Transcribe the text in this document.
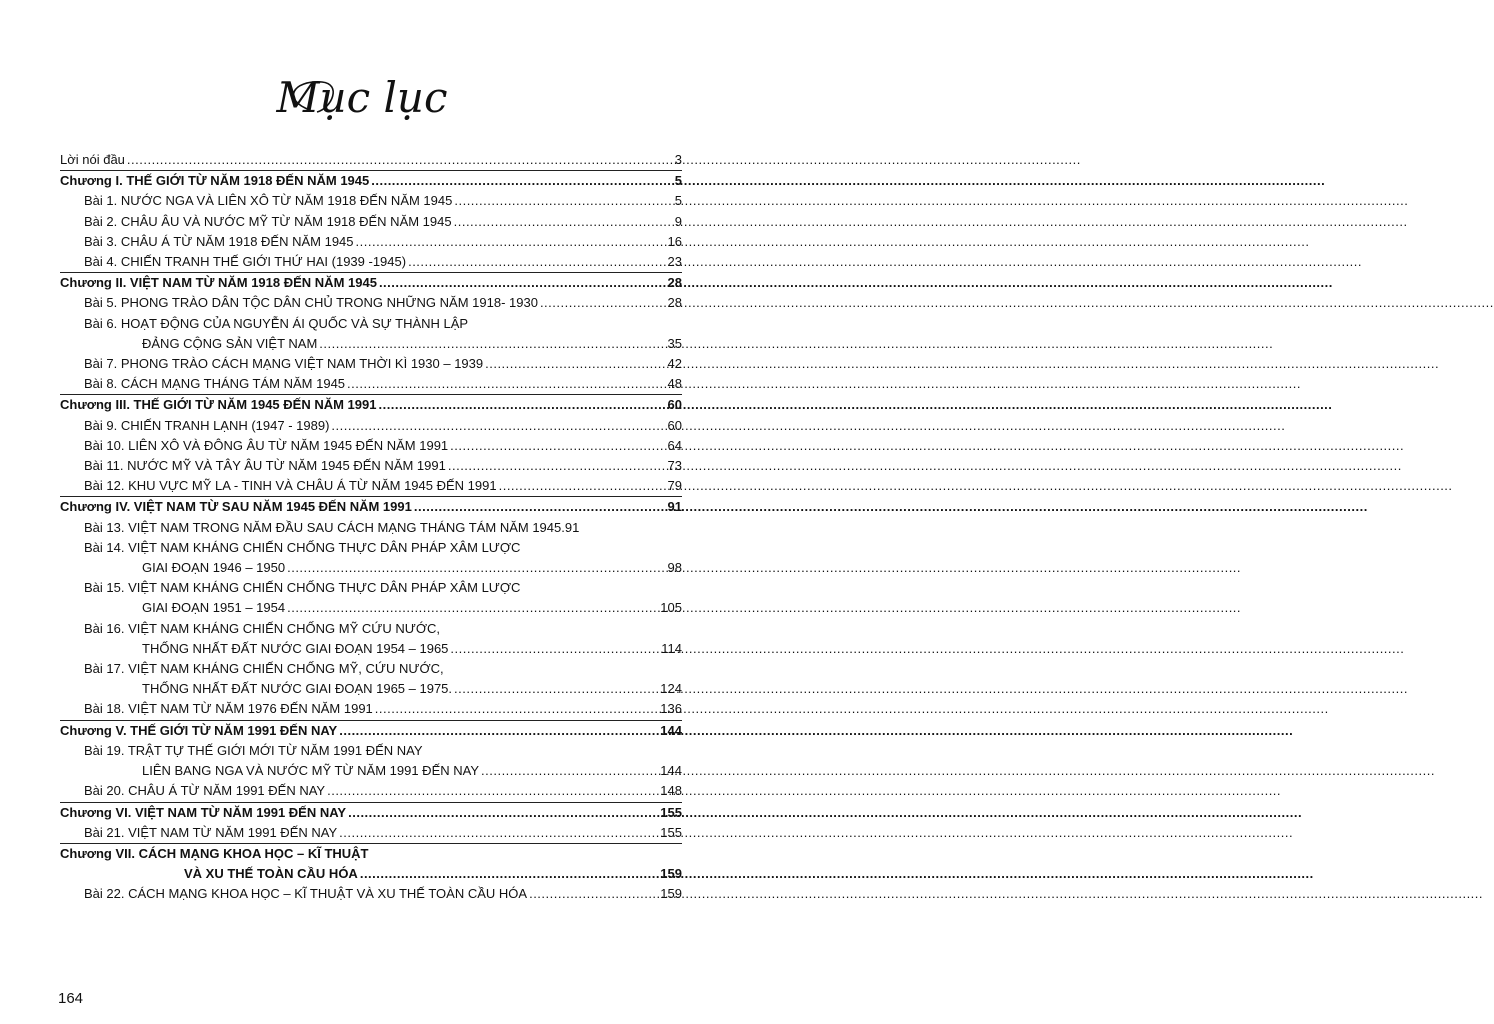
Mục lục
Lời nói đầu .....	3
Chương I. THẾ GIỚI TỪ NĂM 1918 ĐẾN NĂM 1945 .....	5
Bài 1. NƯỚC NGA VÀ LIÊN XÔ TỪ NĂM 1918 ĐẾN NĂM 1945 .....	5
Bài 2. CHÂU ÂU VÀ NƯỚC MỸ TỪ NĂM 1918 ĐẾN NĂM 1945 .....	9
Bài 3. CHÂU Á TỪ NĂM 1918 ĐẾN NĂM 1945 .....	16
Bài 4. CHIẾN TRANH THẾ GIỚI THỨ HAI (1939 -1945) .....	23
Chương II. VIỆT NAM TỪ NĂM 1918 ĐẾN NĂM 1945 .....	28
Bài 5. PHONG TRÀO DÂN TỘC DÂN CHỦ TRONG NHỮNG NĂM 1918- 1930 .....	28
Bài 6. HOẠT ĐỘNG CỦA NGUYỄN ÁI QUỐC VÀ SỰ THÀNH LẬP
ĐẢNG CỘNG SẢN VIỆT NAM .....	35
Bài 7. PHONG TRÀO CÁCH MẠNG VIỆT NAM THỜI KÌ 1930 – 1939 .....	42
Bài 8. CÁCH MẠNG THÁNG TÁM NĂM 1945 .....	48
Chương III. THẾ GIỚI TỪ NĂM 1945 ĐẾN NĂM 1991 .....	60
Bài 9. CHIẾN TRANH LẠNH (1947 - 1989) .....	60
Bài 10. LIÊN XÔ VÀ ĐÔNG ÂU TỪ NĂM 1945 ĐẾN NĂM 1991 .....	64
Bài 11. NƯỚC MỸ VÀ TÂY ÂU TỪ NĂM 1945 ĐẾN NĂM 1991 .....	73
Bài 12. KHU VỰC MỸ LA - TINH VÀ CHÂU Á TỪ NĂM 1945 ĐẾN 1991 .....	79
Chương IV. VIỆT NAM TỪ SAU NĂM 1945 ĐẾN NĂM 1991 .....	91
Bài 13. VIỆT NAM TRONG NĂM ĐẦU SAU CÁCH MẠNG THÁNG TÁM NĂM 1945.91
Bài 14. VIỆT NAM KHÁNG CHIẾN CHỐNG THỰC DÂN PHÁP XÂM LƯỢC
GIAI ĐOẠN 1946 – 1950 .....	98
Bài 15. VIỆT NAM KHÁNG CHIẾN CHỐNG THỰC DÂN PHÁP XÂM LƯỢC
GIAI ĐOẠN 1951 – 1954 .....	105
Bài 16. VIỆT NAM KHÁNG CHIẾN CHỐNG MỸ CỨU NƯỚC,
THỐNG NHẤT ĐẤT NƯỚC GIAI ĐOẠN 1954 – 1965 .....	114
Bài 17. VIỆT NAM KHÁNG CHIẾN CHỐNG MỸ, CỨU NƯỚC,
THỐNG NHẤT ĐẤT NƯỚC GIAI ĐOẠN 1965 – 1975. .....	124
Bài 18. VIỆT NAM TỪ NĂM 1976 ĐẾN NĂM 1991 .....	136
Chương V. THẾ GIỚI TỪ NĂM 1991 ĐẾN NAY .....	144
Bài 19. TRẬT TỰ THẾ GIỚI MỚI TỪ NĂM 1991 ĐẾN NAY
LIÊN BANG NGA VÀ NƯỚC MỸ TỪ NĂM 1991 ĐẾN NAY .....	144
Bài 20. CHÂU Á TỪ NĂM 1991 ĐẾN NAY .....	148
Chương VI. VIỆT NAM TỪ NĂM 1991 ĐẾN NAY .....	155
Bài 21. VIỆT NAM TỪ NĂM 1991 ĐẾN NAY .....	155
Chương VII. CÁCH MẠNG KHOA HỌC – KĨ THUẬT
VÀ XU THẾ TOÀN CẦU HÓA .....	159
Bài 22. CÁCH MẠNG KHOA HỌC – KĨ THUẬT VÀ XU THẾ TOÀN CẦU HÓA .....	159
164
